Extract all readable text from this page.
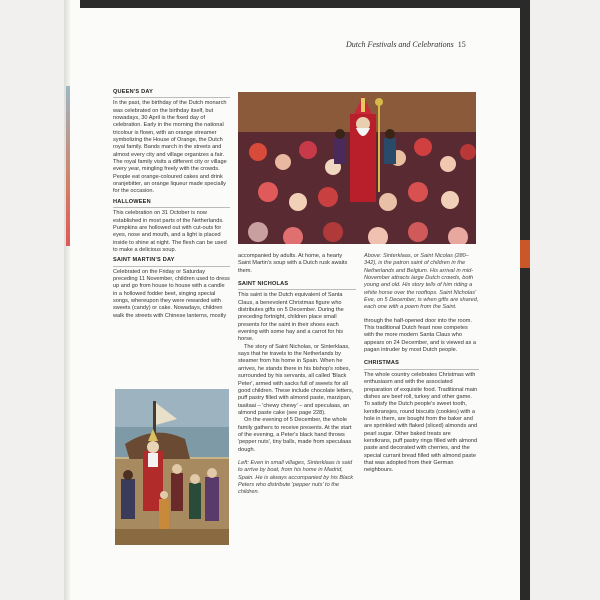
Dutch Festivals and Celebrations 15
QUEEN'S DAY

In the past, the birthday of the Dutch monarch was celebrated on the birthday itself, but nowadays, 30 April is the fixed day of celebration. Early in the morning the national tricolour is flown, with an orange streamer symbolizing the House of Orange, the Dutch royal family. Bands march in the streets and almost every city and village organizes a fair. The royal family visits a different city or village every year, mingling freely with the crowds. People eat orange-coloured cakes and drink oranjebitter, an orange liqueur made specially for the occasion.

HALLOWEEN

This celebration on 31 October is now established in most parts of the Netherlands. Pumpkins are hollowed out with cut-outs for eyes, nose and mouth, and a light is placed inside to shine at night. The flesh can be used to make a delicious soup.

SAINT MARTIN'S DAY

Celebrated on the Friday or Saturday preceding 11 November, children used to dress up and go from house to house with a candle in a hollowed fodder beet, singing special songs, whereupon they were rewarded with sweets (candy) or cake. Nowadays, children walk the streets with Chinese lanterns, mostly

accompanied by adults. At home, a hearty Saint Martin's soup with a Dutch rusk awaits them.

SAINT NICHOLAS

This saint is the Dutch equivalent of Santa Claus, a benevolent Christmas figure who distributes gifts on 5 December. During the preceding fortnight, children place small presents for the saint in their shoes each evening with some hay and a carrot for his horse.

The story of Saint Nicholas, or Sinterklaas, says that he travels to the Netherlands by steamer from his home in Spain. When he arrives, he stands there in his bishop's robes, surrounded by his servants, all called 'Black Peter', armed with sacks full of sweets for all good children. These include chocolate letters, puff pastry filled with almond paste, marzipan, taaitaai – 'chewy chewy' – and speculaas, an almond paste cake (see page 228).

On the evening of 5 December, the whole family gathers to receive presents. At the start of the evening, a Peter's black hand throws 'pepper nuts', tiny balls, made from speculaas dough.

Left: Even in small villages, Sinterklaas is said to arrive by boat, from his home in Madrid, Spain. He is always accompanied by his Black Peters who distribute 'pepper nuts' to the children.

Above: Sinterklaas, or Saint Nicolas (280–342), is the patron saint of children in the Netherlands and Belgium. His arrival in mid-November attracts large Dutch crowds, both young and old. His story tells of him riding a white horse over the rooftops. Saint Nicholas' Eve, on 5 December, is when gifts are shared, each one with a poem from the Saint.

through the half-opened door into the room. This traditional Dutch feast now competes with the more modern Santa Claus who appears on 24 December, and is viewed as a pagan intruder by most Dutch people.

CHRISTMAS

The whole country celebrates Christmas with enthusiasm and with the associated preparation of exquisite food. Traditional main dishes are beef roll, turkey and other game. To satisfy the Dutch people's sweet tooth, kerstkransjes, round biscuits (cookies) with a hole in them, are bought from the baker and are sprinkled with flaked (sliced) almonds and pearl sugar. Other baked treats are kerstkrans, puff pastry rings filled with almond paste and decorated with cherries, and the special currant bread filled with almond paste that was adopted from their German neighbours.
